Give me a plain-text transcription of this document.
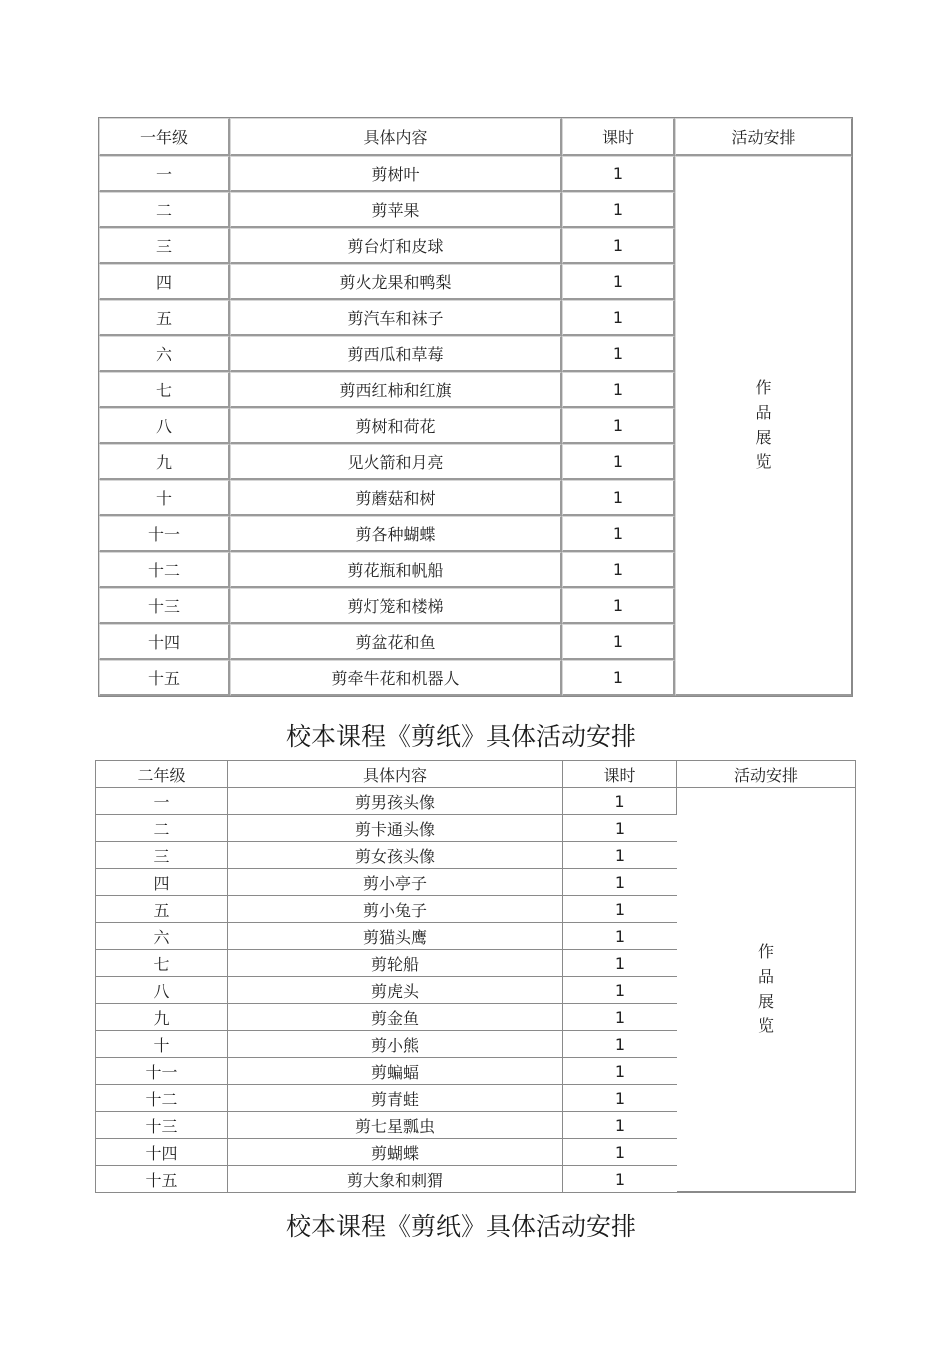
一年级	具体内容	课时	活动安排
一	剪树叶	1	作
品
展
览

二	剪苹果	1	
三	剪台灯和皮球	1	
四	剪火龙果和鸭梨	1	
五	剪汽车和袜子	1	
六	剪西瓜和草莓	1	
七	剪西红柿和红旗	1	
八	剪树和荷花	1	
九	见火箭和月亮	1	
十	剪蘑菇和树	1	
十一	剪各种蝴蝶	1	
十二	剪花瓶和帆船	1	
十三	剪灯笼和楼梯	1	
十四	剪盆花和鱼	1	
十五	剪牵牛花和机器人	1	
校本课程《剪纸》具体活动安排
二年级	具体内容	课时	活动安排
一	剪男孩头像	1	作
品
展
览

二	剪卡通头像	1	
三	剪女孩头像	1	
四	剪小亭子	1	
五	剪小兔子	1	
六	剪猫头鹰	1	
七	剪轮船	1	
八	剪虎头	1	
九	剪金鱼	1	
十	剪小熊	1	
十一	剪蝙蝠	1	
十二	剪青蛙	1	
十三	剪七星瓢虫	1	
十四	剪蝴蝶	1	
十五	剪大象和刺猬	1	
校本课程《剪纸》具体活动安排
